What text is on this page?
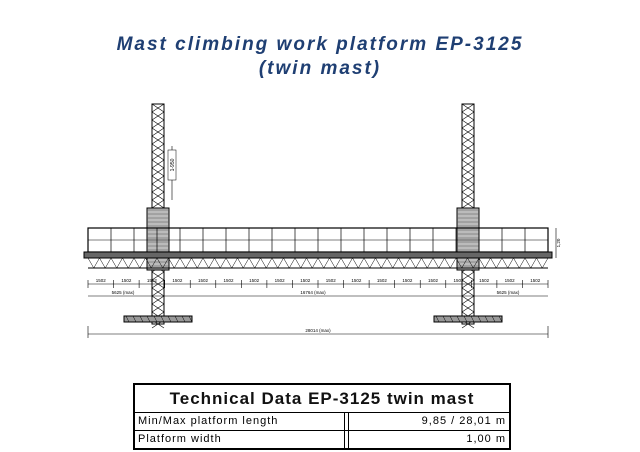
Mast climbing work platform EP-3125
(twin mast)
1502	1502	1502	1502	1502	1502	1502	1502	1502	1502	1502	1502	1502	1502	1502	1502	1502	1502
5625 (max)	16764 (max)	5625 (max)
28014 (max)
1-950
1,20
Technical Data EP-3125 twin mast
Min/Max platform length	9,85 / 28,01 m
Platform width	1,00 m
